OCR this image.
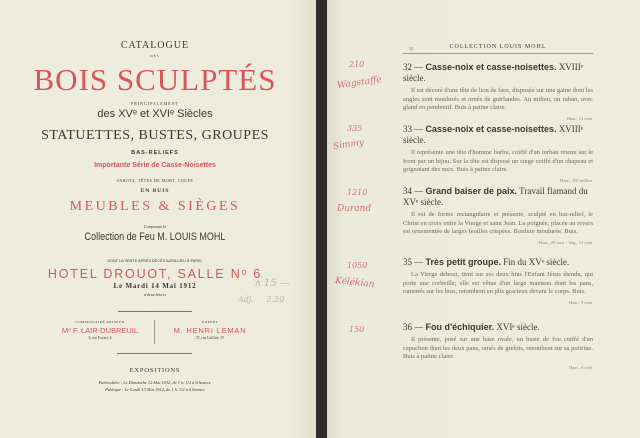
CATALOGUE
DES
BOIS SCULPTÉS
PRINCIPALEMENT
des XVᵉ et XVIᵉ Siècles
STATUETTES, BUSTES, GROUPES
BAS-RELIEFS
Importante Série de Casse-Noisettes
SABOTS, TÊTES DE MORT, COUPE
EN BUIS
MEUBLES & SIÈGES
Composant la
Collection de Feu M. LOUIS MOHL
DONT LA VENTE APRÈS DÉCÈS AURA LIEU À PARIS,
HOTEL DROUOT, SALLE Nᵒ 6
Le Mardi 14 Mai 1912
à deux heures
COMMISSAIRE-PRISEUR
Mᵉ F. LAIR-DUBREUIL
6, rue Favart, 6
EXPERT
M. HENRI LEMAN
37, rue Laffitte, 37
EXPOSITIONS
Particulière : Le Dimanche 12 Mai 1912, de 1 h. 1/2 à 6 heures.
Publique : Le Lundi 13 Mai 1912, de 1 h. 1/2 à 6 heures.
ʌ 15 —
Adj. 2.20
12	COLLECTION LOUIS MOHL
32 — Casse-noix et casse-noisettes. XVIIIᵉ siècle.
Il est décoré d'une tête de lion de face, disposée sur une gaine dont les angles sont moulurés et ornés de guirlandes. Au milieu, un ruban, avec gland en pendentif. Buis à patine claire.
Haut., 14 cent.
33 — Casse-noix et casse-noisettes. XVIIIᵉ siècle.
Il représente une tête d'homme barbu, coiffé d'un turban retenu sur le front par un bijou. Sur la tête est disposé un singe coiffé d'un chapeau et grignotant des noix. Buis à patine claire.
Haut., 185 millim.
34 — Grand baiser de paix. Travail flamand du XVᵉ siècle.
Il est de forme rectangulaire et présente, sculpté en bas-relief, le Christ en croix entre la Vierge et saint Jean. La poignée, placée au revers est ornementée de larges feuilles crispées. Bordure moulurée. Buis.
Haut., 20 cent. ; larg., 14 cent.
35 — Très petit groupe. Fin du XVᵉ siècle.
La Vierge debout, tient sur ses deux bras l'Enfant Jésus étendu, qui porte une corbeille; elle est vêtue d'un large manteau dont les pans, ramenés sur les bras, retombent en plis gracieux devant le corps. Buis.
Haut., 9 cent.
36 — Fou d'échiquier. XVIᵉ siècle.
Il présente, posé sur une base ovale, un buste de fou coiffé d'un capuchon dont les deux pans, ornés de grelots, retombent sur sa poitrine. Buis à patine claire.
Haut., 6 cent.
210
Wagstaffe
335
Simmy
1210
Durand
1050
Kélékian
150
